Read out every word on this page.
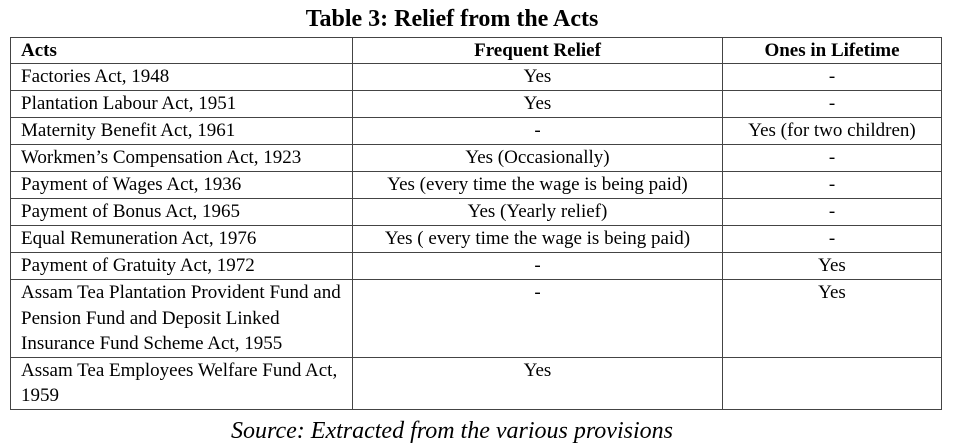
Table 3: Relief from the Acts
Acts	Frequent Relief	Ones in Lifetime
Factories Act, 1948	Yes	-
Plantation Labour Act, 1951	Yes	-
Maternity Benefit Act, 1961	-	Yes (for two children)
Workmen’s Compensation Act, 1923	Yes (Occasionally)	-
Payment of Wages Act, 1936	Yes (every time the wage is being paid)	-
Payment of Bonus Act, 1965	Yes (Yearly relief)	-
Equal Remuneration Act, 1976	Yes ( every time the wage is being paid)	-
Payment of Gratuity Act, 1972	-	Yes
Assam Tea Plantation Provident Fund and Pension Fund and Deposit Linked Insurance Fund Scheme Act, 1955	-	Yes
Assam Tea Employees Welfare Fund Act, 1959	Yes	
Source: Extracted from the various provisions
